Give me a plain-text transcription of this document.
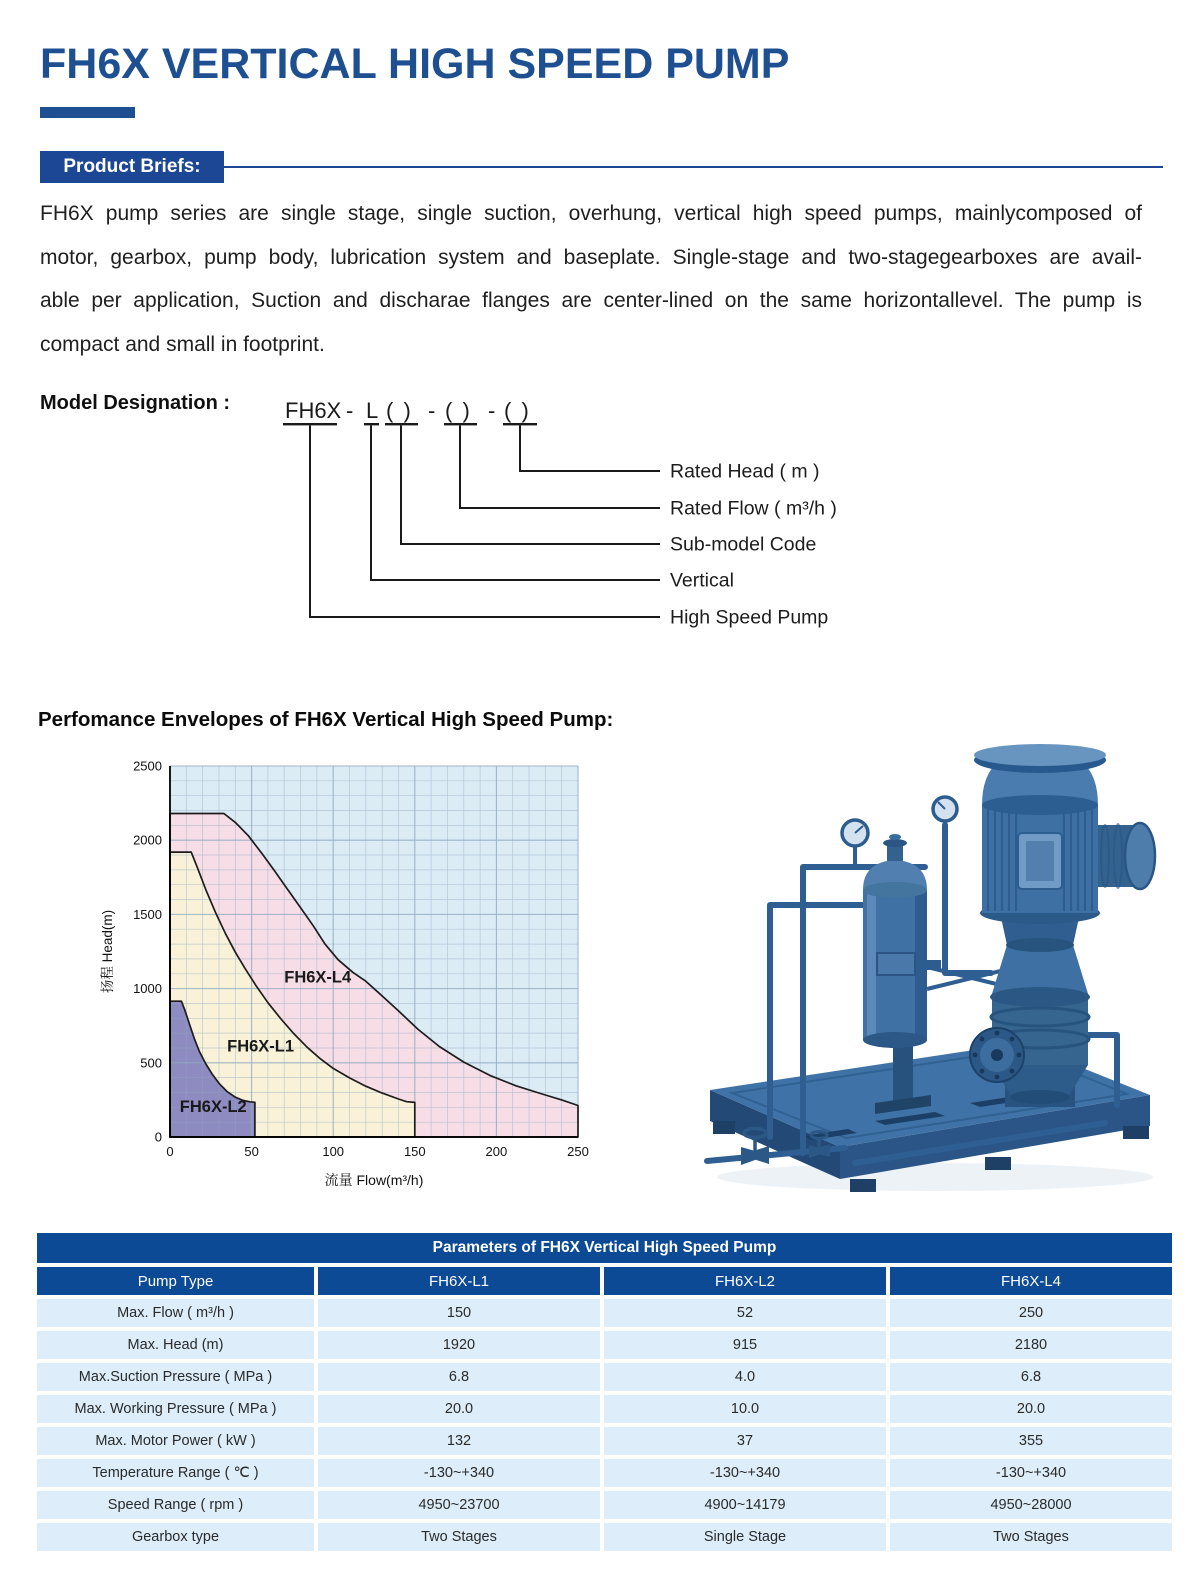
FH6X VERTICAL HIGH SPEED PUMP
Product Briefs:
FH6X pump series are single stage, single suction, overhung, vertical high speed pumps, mainlycomposed of
motor, gearbox, pump body, lubrication system and baseplate. Single-stage and two-stagegearboxes are avail-
able per application, Suction and discharae flanges are center-lined on the same horizontallevel. The pump is
compact and small in footprint.
Model Designation :	FH6X - L ( ) - ( ) - ( )
Rated Head ( m )
Rated Flow ( m³/h )
Sub-model Code
Vertical
High Speed Pump
Perfomance Envelopes of FH6X Vertical High Speed Pump:
0	50	100	150	200	250
0
500
1000
1500
2000
2500
FH6X-L4
FH6X-L1
FH6X-L2
流量 Flow(m³/h)
扬程 Head(m)
Parameters of FH6X Vertical High Speed Pump
Pump Type	FH6X-L1	FH6X-L2	FH6X-L4
Max. Flow ( m³/h )	150	52	250
Max. Head (m)	1920	915	2180
Max.Suction Pressure ( MPa )	6.8	4.0	6.8
Max. Working Pressure ( MPa )	20.0	10.0	20.0
Max. Motor Power ( kW )	132	37	355
Temperature Range ( ℃ )	-130~+340	-130~+340	-130~+340
Speed Range ( rpm )	4950~23700	4900~14179	4950~28000
Gearbox type	Two Stages	Single Stage	Two Stages
